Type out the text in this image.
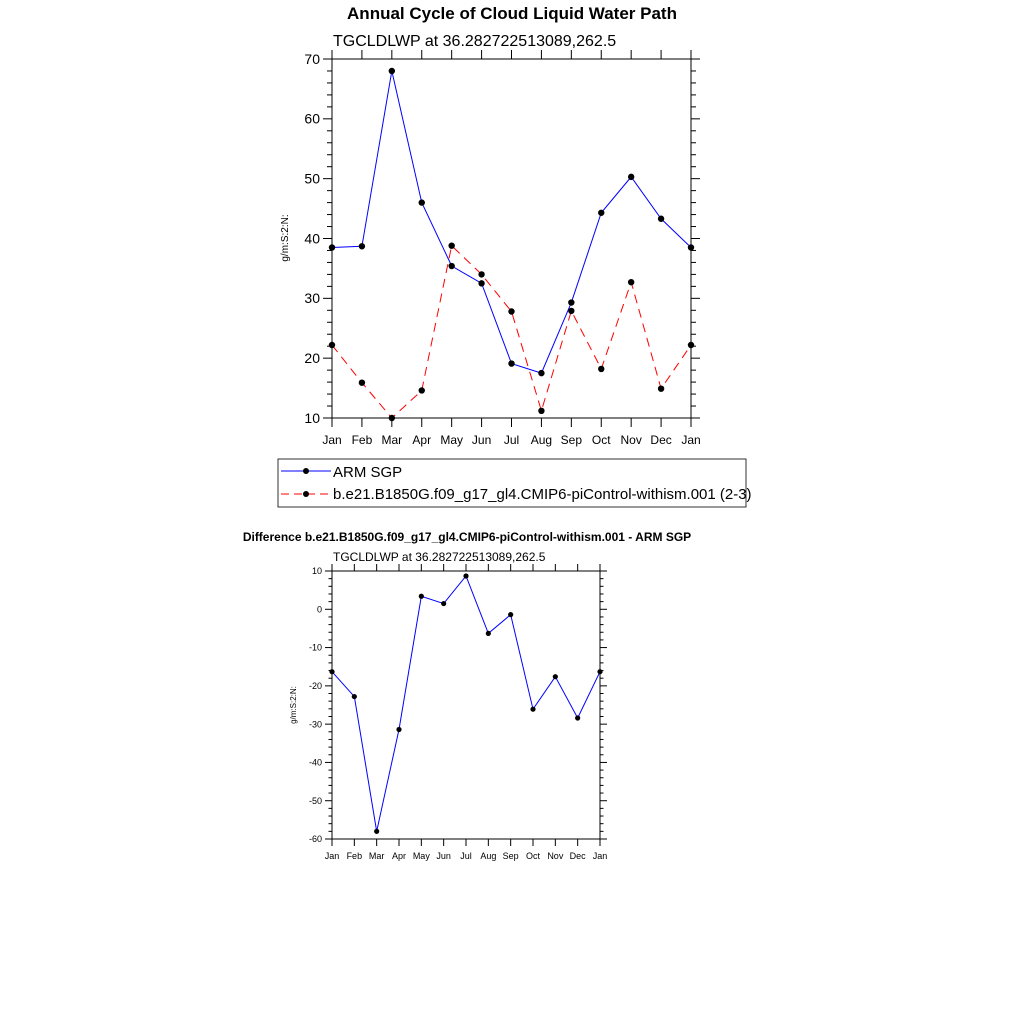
Annual Cycle of Cloud Liquid Water Path
TGCLDLWP at 36.282722513089,262.5
g/m:S:2:N:
10
20
30
40
50
60
70
Jan Feb Mar Apr May Jun Jul Aug Sep Oct Nov Dec Jan
ARM SGP
b.e21.B1850G.f09_g17_gl4.CMIP6-piControl-withism.001 (2-3)
Difference b.e21.B1850G.f09_g17_gl4.CMIP6-piControl-withism.001 - ARM SGP
TGCLDLWP at 36.282722513089,262.5
g/m:S:2:N:
-60
-50
-40
-30
-20
-10
0
10
Jan Feb Mar Apr May Jun Jul Aug Sep Oct Nov Dec Jan
